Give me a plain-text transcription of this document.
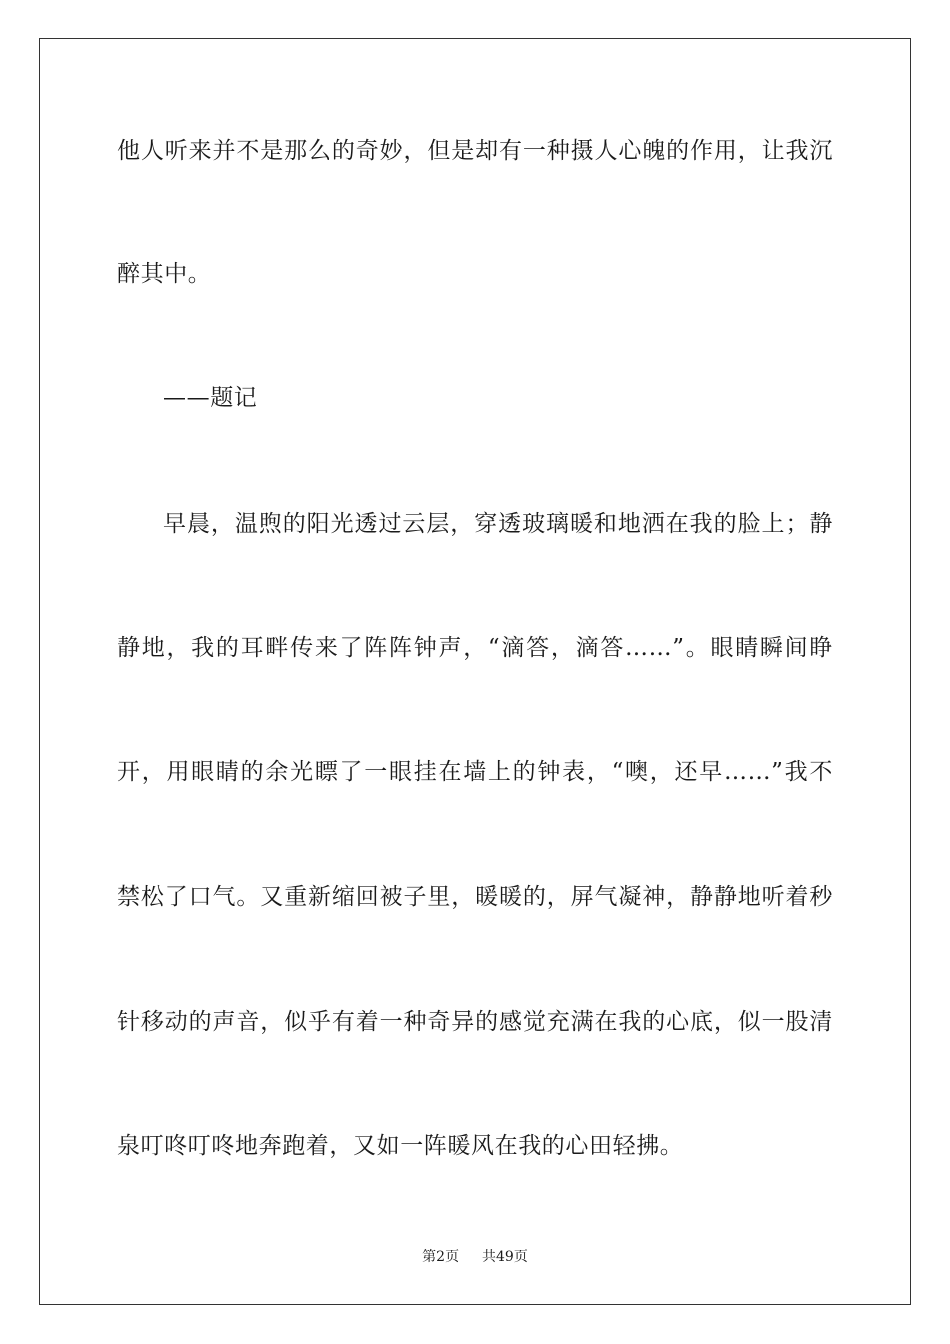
他人听来并不是那么的奇妙，但是却有一种摄人心魄的作用，让我沉
醉其中。
——题记
早晨，温煦的阳光透过云层，穿透玻璃暖和地洒在我的脸上；静
静地，我的耳畔传来了阵阵钟声，“滴答，滴答……”。眼睛瞬间睁
开，用眼睛的余光瞟了一眼挂在墙上的钟表，“噢，还早……”我不
禁松了口气。又重新缩回被子里，暖暖的，屏气凝神，静静地听着秒
针移动的声音，似乎有着一种奇异的感觉充满在我的心底，似一股清
泉叮咚叮咚地奔跑着，又如一阵暖风在我的心田轻拂。
第2页 共49页
